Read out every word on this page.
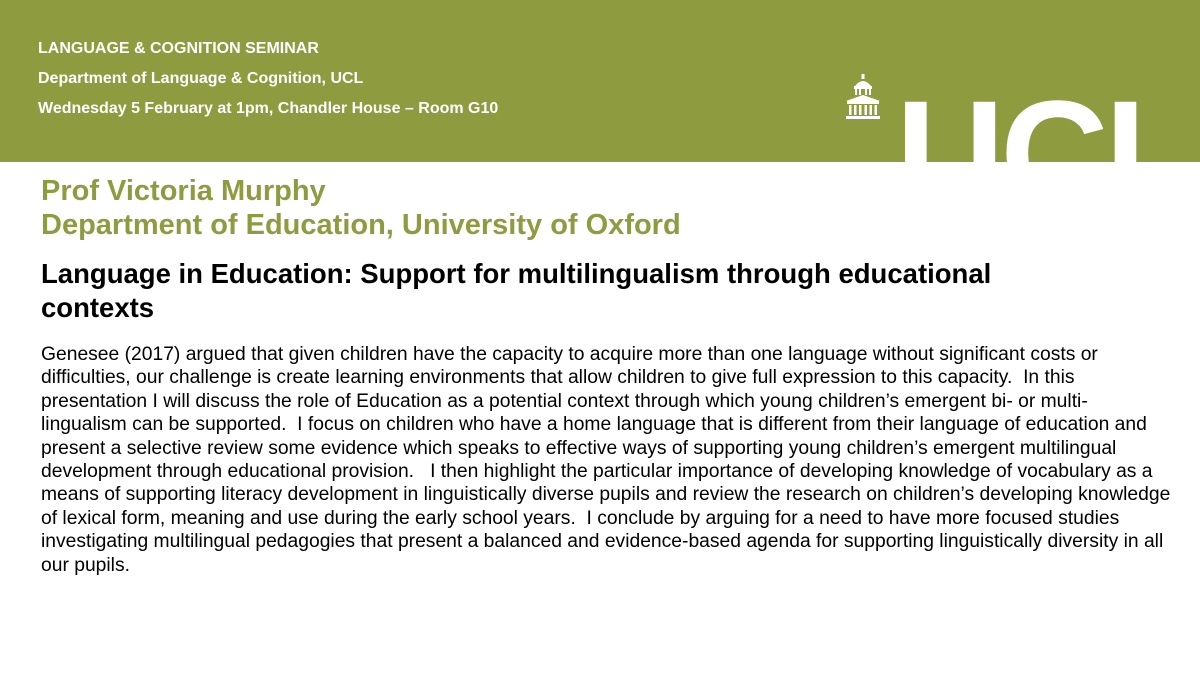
LANGUAGE & COGNITION SEMINAR
Department of Language & Cognition, UCL
Wednesday 5 February at 1pm, Chandler House – Room G10	UCL
Prof Victoria Murphy
Department of Education, University of Oxford
Language in Education: Support for multilingualism through educational contexts

Genesee (2017) argued that given children have the capacity to acquire more than one language without significant costs or difficulties, our challenge is create learning environments that allow children to give full expression to this capacity.  In this presentation I will discuss the role of Education as a potential context through which young children’s emergent bi- or multi-lingualism can be supported.  I focus on children who have a home language that is different from their language of education and present a selective review some evidence which speaks to effective ways of supporting young children’s emergent multilingual development through educational provision.   I then highlight the particular importance of developing knowledge of vocabulary as a means of supporting literacy development in linguistically diverse pupils and review the research on children’s developing knowledge of lexical form, meaning and use during the early school years.  I conclude by arguing for a need to have more focused studies investigating multilingual pedagogies that present a balanced and evidence-based agenda for supporting linguistically diversity in all our pupils.
